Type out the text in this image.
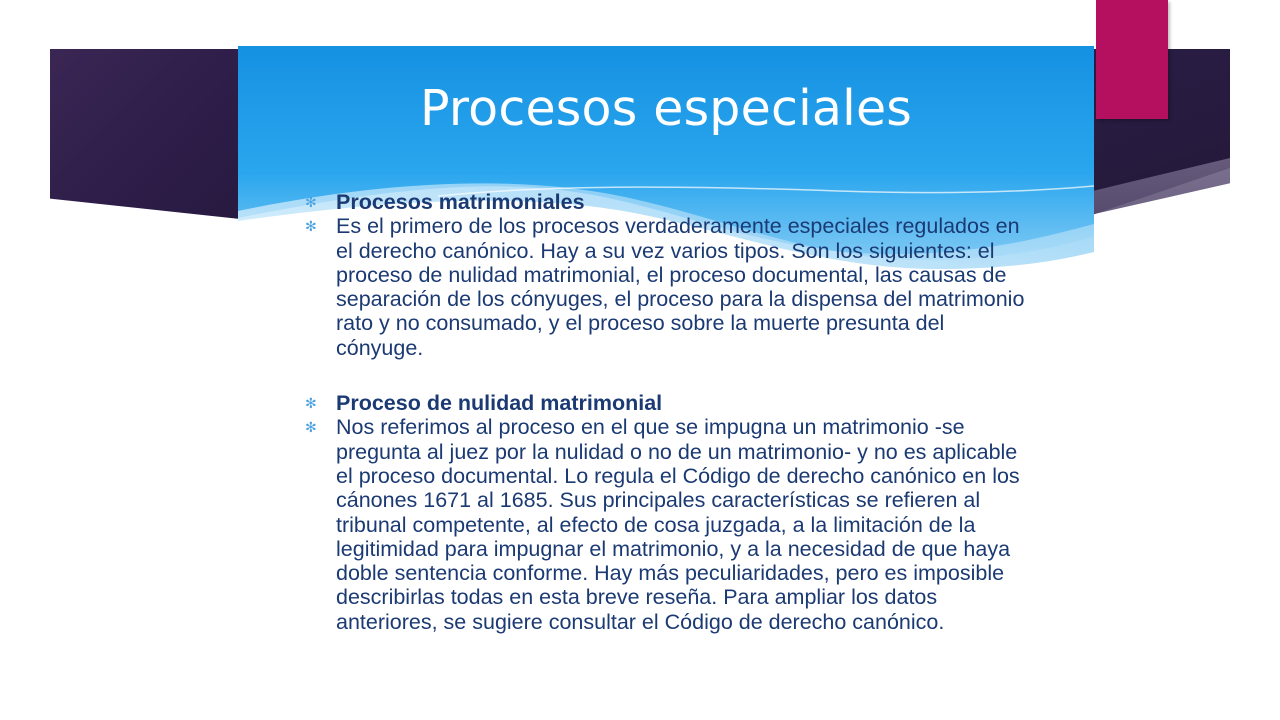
Procesos especiales
✻ Procesos matrimoniales
✻ Es el primero de los procesos verdaderamente especiales regulados en el derecho canónico. Hay a su vez varios tipos. Son los siguientes: el proceso de nulidad matrimonial, el proceso documental, las causas de separación de los cónyuges, el proceso para la dispensa del matrimonio rato y no consumado, y el proceso sobre la muerte presunta del cónyuge.
✻ Proceso de nulidad matrimonial
✻ Nos referimos al proceso en el que se impugna un matrimonio -se pregunta al juez por la nulidad o no de un matrimonio- y no es aplicable el proceso documental. Lo regula el Código de derecho canónico en los cánones 1671 al 1685. Sus principales características se refieren al tribunal competente, al efecto de cosa juzgada, a la limitación de la legitimidad para impugnar el matrimonio, y a la necesidad de que haya doble sentencia conforme. Hay más peculiaridades, pero es imposible describirlas todas en esta breve reseña. Para ampliar los datos anteriores, se sugiere consultar el Código de derecho canónico.
